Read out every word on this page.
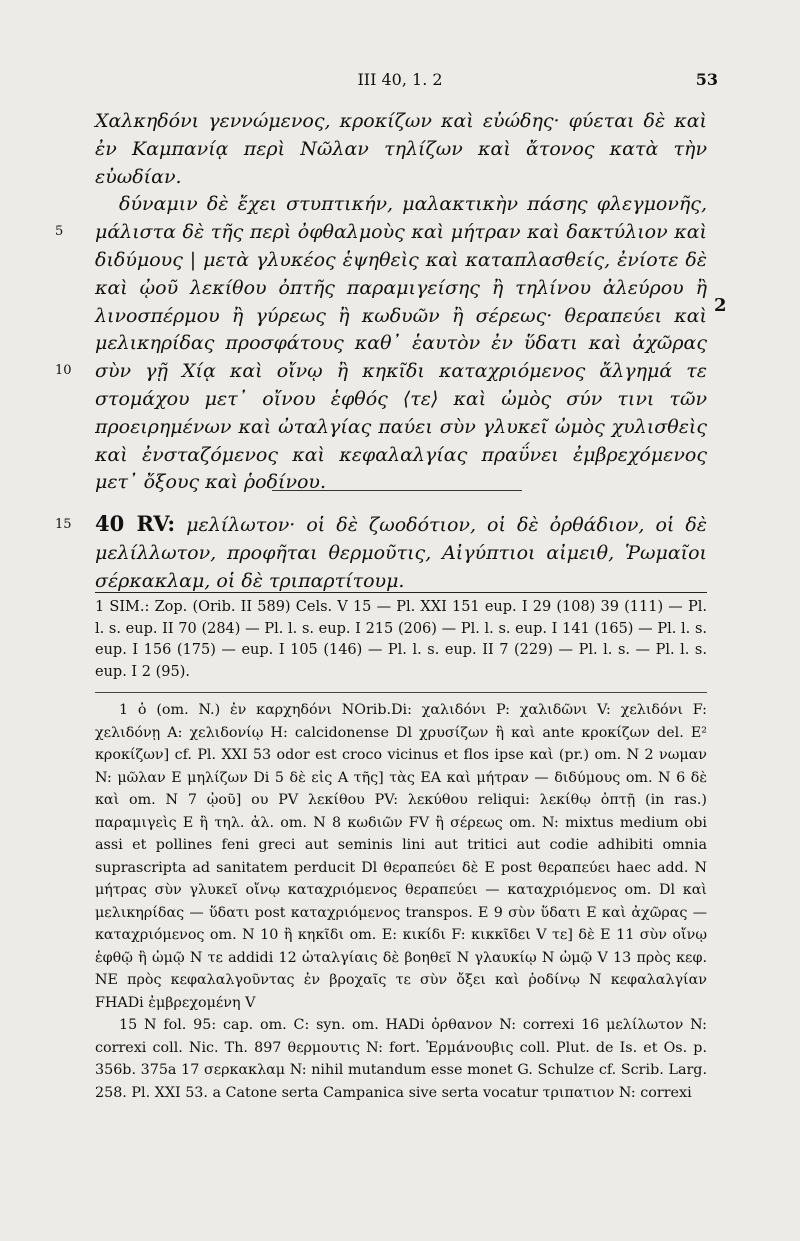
III 40, 1. 2	53

Χαλκηδόνι γεννώμενος, κροκίζων καὶ εὐώδης· φύεται δὲ καὶ ἐν Καμπανίᾳ περὶ Νῶλαν τηλίζων καὶ ἄτονος κατὰ τὴν εὐωδίαν.

δύναμιν δὲ ἔχει στυπτικήν, μαλακτικὴν πάσης φλεγμονῆς, μάλιστα δὲ τῆς περὶ ὀφθαλμοὺς καὶ μήτραν καὶ δακτύλιον καὶ διδύμους | μετὰ γλυκέος ἑψηθεὶς καὶ καταπλασθείς, ἐνίοτε δὲ καὶ ᾠοῦ λεκίθου ὀπτῆς παραμιγείσης ἢ τηλίνου ἀλεύρου ἢ λινοσπέρμου ἢ γύρεως ἢ κωδυῶν ἢ σέρεως· θεραπεύει καὶ μελικηρίδας προσφάτους καθ᾽ ἑαυτὸν ἐν ὕδατι καὶ ἀχῶρας σὺν γῇ Χίᾳ καὶ οἴνῳ ἢ κηκῖδι καταχριόμενος ἄλγημά τε στομάχου μετ᾽ οἴνου ἑφθός ⟨τε⟩ καὶ ὠμὸς σύν τινι τῶν προειρημένων καὶ ὠταλγίας παύει σὺν γλυκεῖ ὠμὸς χυλισθεὶς καὶ ἐνσταζόμενος καὶ κεφαλαλγίας πραΰνει ἐμβρεχόμενος μετ᾽ ὄξους καὶ ῥοδίνου.

5
10
2
15 40 RV: μελίλωτον· οἱ δὲ ζωοδότιον, οἱ δὲ ὀρθάδιον, οἱ δὲ μελίλλωτον, προφῆται θερμοῦτις, Αἰγύπτιοι αἰμειθ, Ῥωμαῖοι σέρκακλαμ, οἱ δὲ τριπαρτίτουμ.

1 SIM.: Zop. (Orib. II 589) Cels. V 15 — Pl. XXI 151 eup. I 29 (108) 39 (111) — Pl. l. s. eup. II 70 (284) — Pl. l. s. eup. I 215 (206) — Pl. l. s. eup. I 141 (165) — Pl. l. s. eup. I 156 (175) — eup. I 105 (146) — Pl. l. s. eup. II 7 (229) — Pl. l. s. — Pl. l. s. eup. I 2 (95).

1 ὁ (om. N.) ἐν καρχηδόνι NOrib.Di: χαλιδόνι P: χαλιδῶνι V: χελιδόνι F: χελιδόνῃ A: χελιδονίῳ H: calcidonense Dl χρυσίζων ἢ καὶ ante κροκίζων del. E² κροκίζων] cf. Pl. XXI 53 odor est croco vicinus et flos ipse καὶ (pr.) om. N 2 νωμαν N: μῶλαν E μηλίζων Di 5 δὲ εἰς A τῆς] τὰς EA καὶ μήτραν — διδύμους om. N 6 δὲ καὶ om. N 7 ᾠοῦ] ου PV λεκίθου PV: λεκύθου reliqui: λεκίθῳ ὀπτῇ (in ras.) παραμιγεὶς E ἢ τηλ. ἀλ. om. N 8 κωδιῶν FV ἢ σέρεως om. N: mixtus medium obi assi et pollines feni greci aut seminis lini aut tritici aut codie adhibiti omnia suprascripta ad sanitatem perducit Dl θεραπεύει δὲ E post θεραπεύει haec add. N μήτρας σὺν γλυκεῖ οἴνῳ καταχριόμενος θεραπεύει — καταχριόμενος om. Dl καὶ μελικηρίδας — ὕδατι post καταχριόμενος transpos. E 9 σὺν ὕδατι E καὶ ἀχῶρας — καταχριόμενος om. N 10 ἢ κηκῖδι om. E: κικίδι F: κικκῖδει V τε] δὲ E 11 σὺν οἴνῳ ἑφθῷ ἢ ὠμῷ N τε addidi 12 ὠταλγίαις δὲ βοηθεῖ N γλαυκίῳ N ὠμῷ V 13 πρὸς κεφ. NE πρὸς κεφαλαλγοῦντας ἐν βροχαῖς τε σὺν ὄξει καὶ ῥοδίνῳ N κεφαλαλγίαν FHADi ἐμβρεχομένη V

15 N fol. 95: cap. om. C: syn. om. HADi ὀρθανον N: correxi 16 μελίλωτον N: correxi coll. Nic. Th. 897 θερμουτις N: fort. Ἑρμάνουβις coll. Plut. de Is. et Os. p. 356b. 375a 17 σερκακλαμ N: nihil mutandum esse monet G. Schulze cf. Scrib. Larg. 258. Pl. XXI 53. a Catone serta Campanica sive serta vocatur τριπατιον N: correxi
